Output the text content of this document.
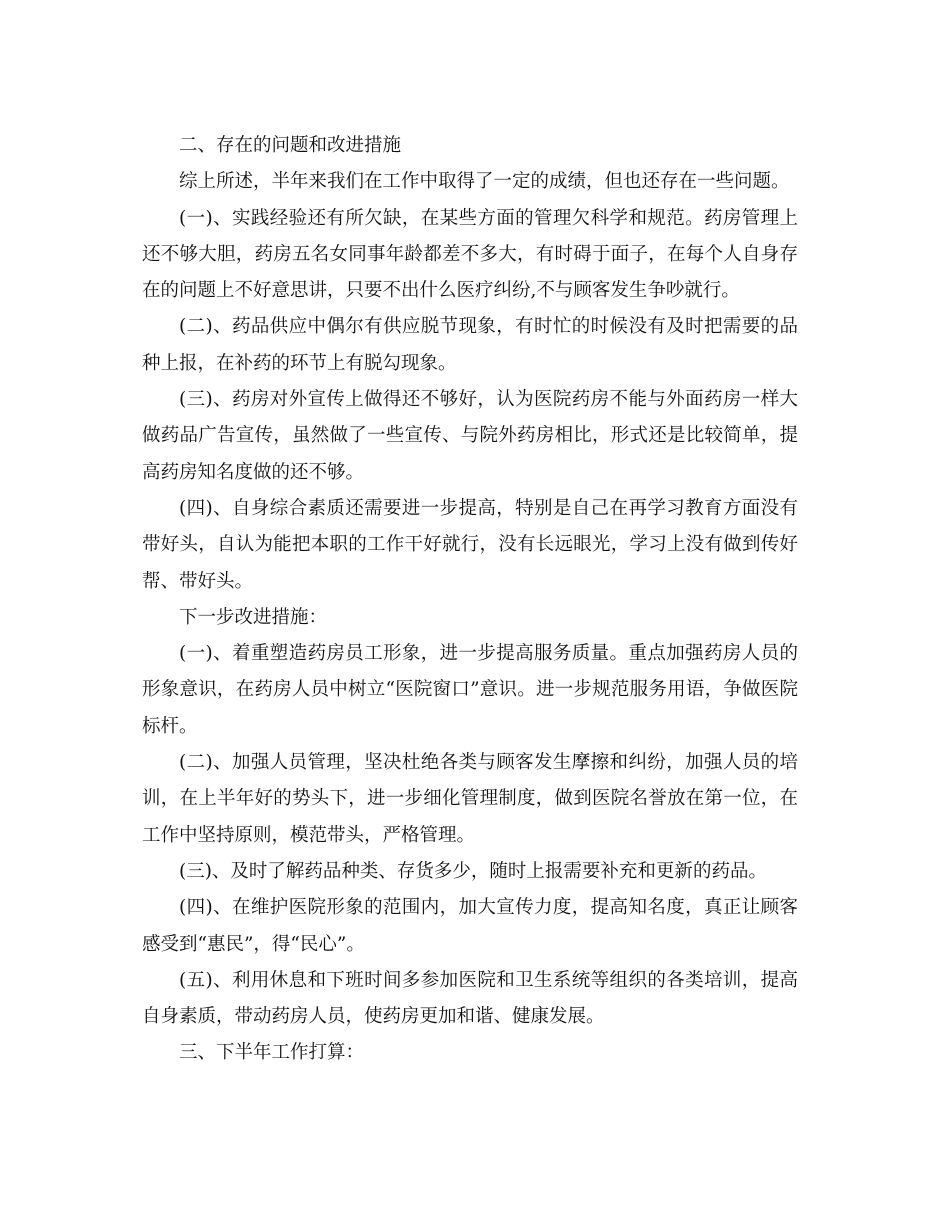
二、存在的问题和改进措施

综上所述，半年来我们在工作中取得了一定的成绩，但也还存在一些问题。

(一)、实践经验还有所欠缺，在某些方面的管理欠科学和规范。药房管理上还不够大胆，药房五名女同事年龄都差不多大，有时碍于面子，在每个人自身存在的问题上不好意思讲，只要不出什么医疗纠纷,不与顾客发生争吵就行。

(二)、药品供应中偶尔有供应脱节现象，有时忙的时候没有及时把需要的品种上报，在补药的环节上有脱勾现象。

(三)、药房对外宣传上做得还不够好，认为医院药房不能与外面药房一样大做药品广告宣传，虽然做了一些宣传、与院外药房相比，形式还是比较简单，提高药房知名度做的还不够。

(四)、自身综合素质还需要进一步提高，特别是自己在再学习教育方面没有带好头，自认为能把本职的工作干好就行，没有长远眼光，学习上没有做到传好帮、带好头。

下一步改进措施：

(一)、着重塑造药房员工形象，进一步提高服务质量。重点加强药房人员的形象意识，在药房人员中树立“医院窗口”意识。进一步规范服务用语，争做医院标杆。

(二)、加强人员管理，坚决杜绝各类与顾客发生摩擦和纠纷，加强人员的培训，在上半年好的势头下，进一步细化管理制度，做到医院名誉放在第一位，在工作中坚持原则，模范带头，严格管理。

(三)、及时了解药品种类、存货多少，随时上报需要补充和更新的药品。

(四)、在维护医院形象的范围内，加大宣传力度，提高知名度，真正让顾客感受到“惠民”，得“民心”。

(五)、利用休息和下班时间多参加医院和卫生系统等组织的各类培训，提高自身素质，带动药房人员，使药房更加和谐、健康发展。

三、下半年工作打算：
